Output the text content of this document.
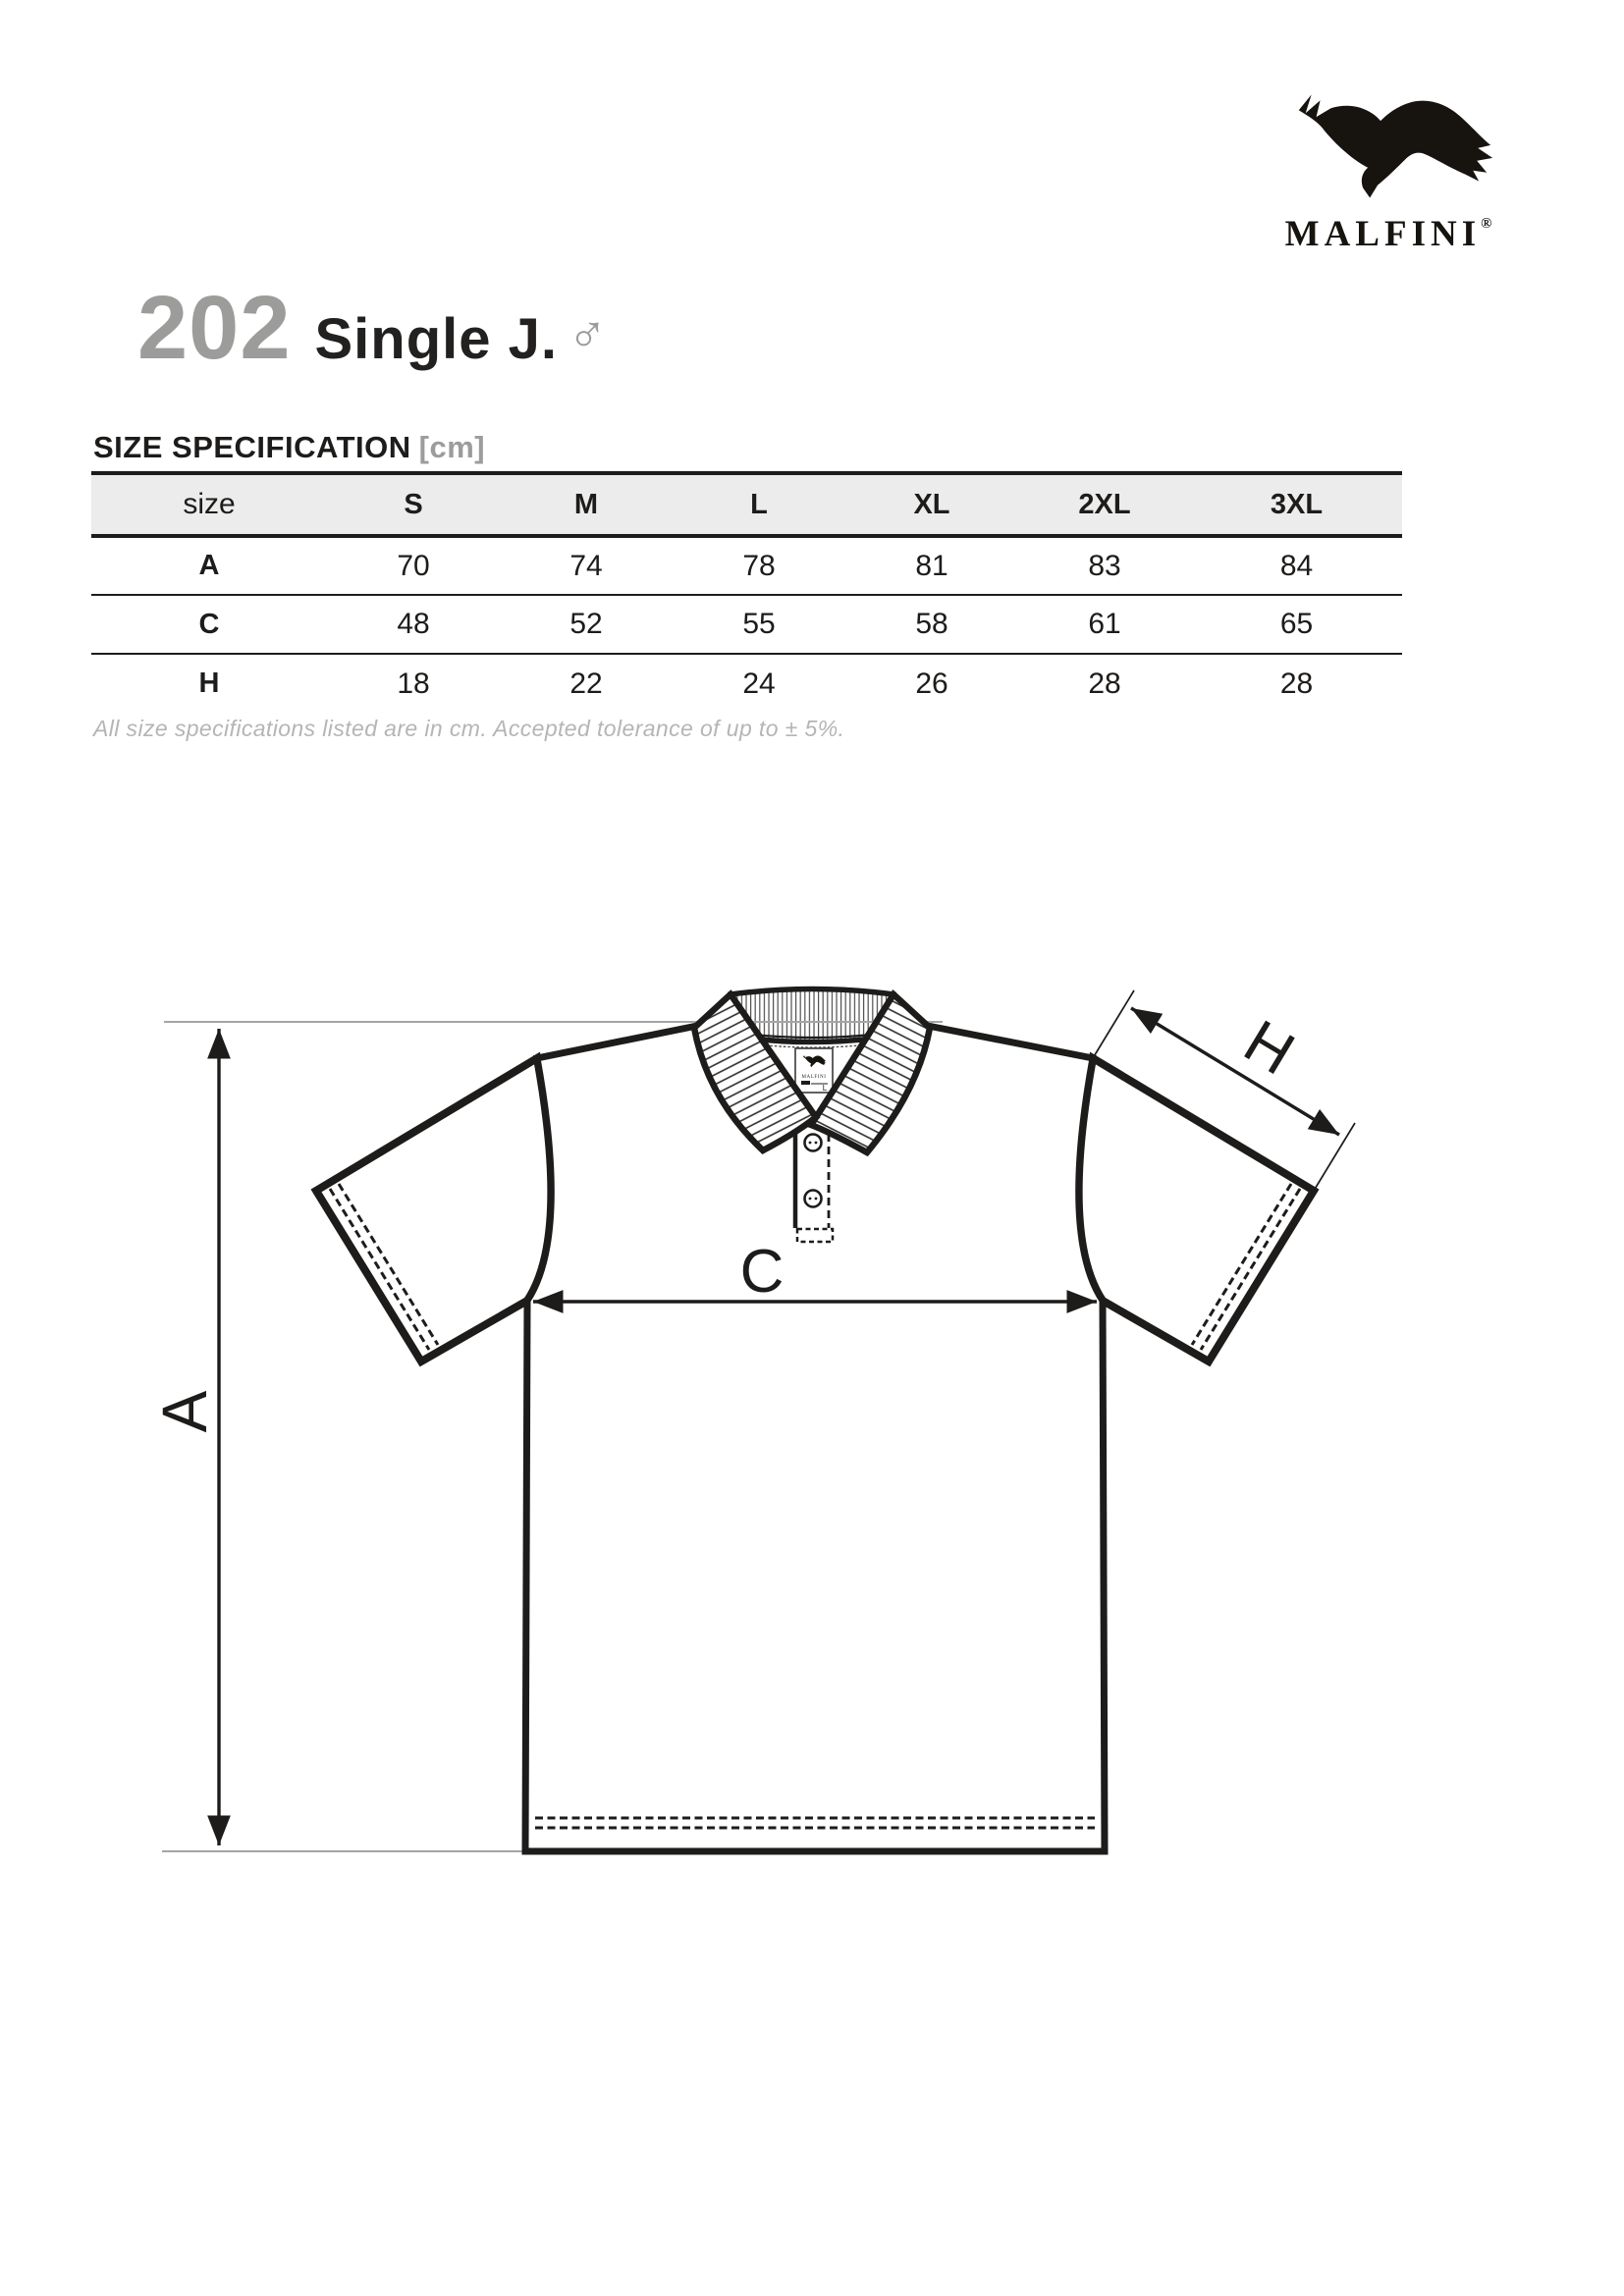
MALFINI®
202 Single J. ♂
SIZE SPECIFICATION [cm]
size	S	M	L	XL	2XL	3XL
A	70	74	78	81	83	84
C	48	52	55	58	61	65
H	18	22	24	26	28	28
All size specifications listed are in cm. Accepted tolerance of up to ± 5%.
MALFINI
L
A
C
H
